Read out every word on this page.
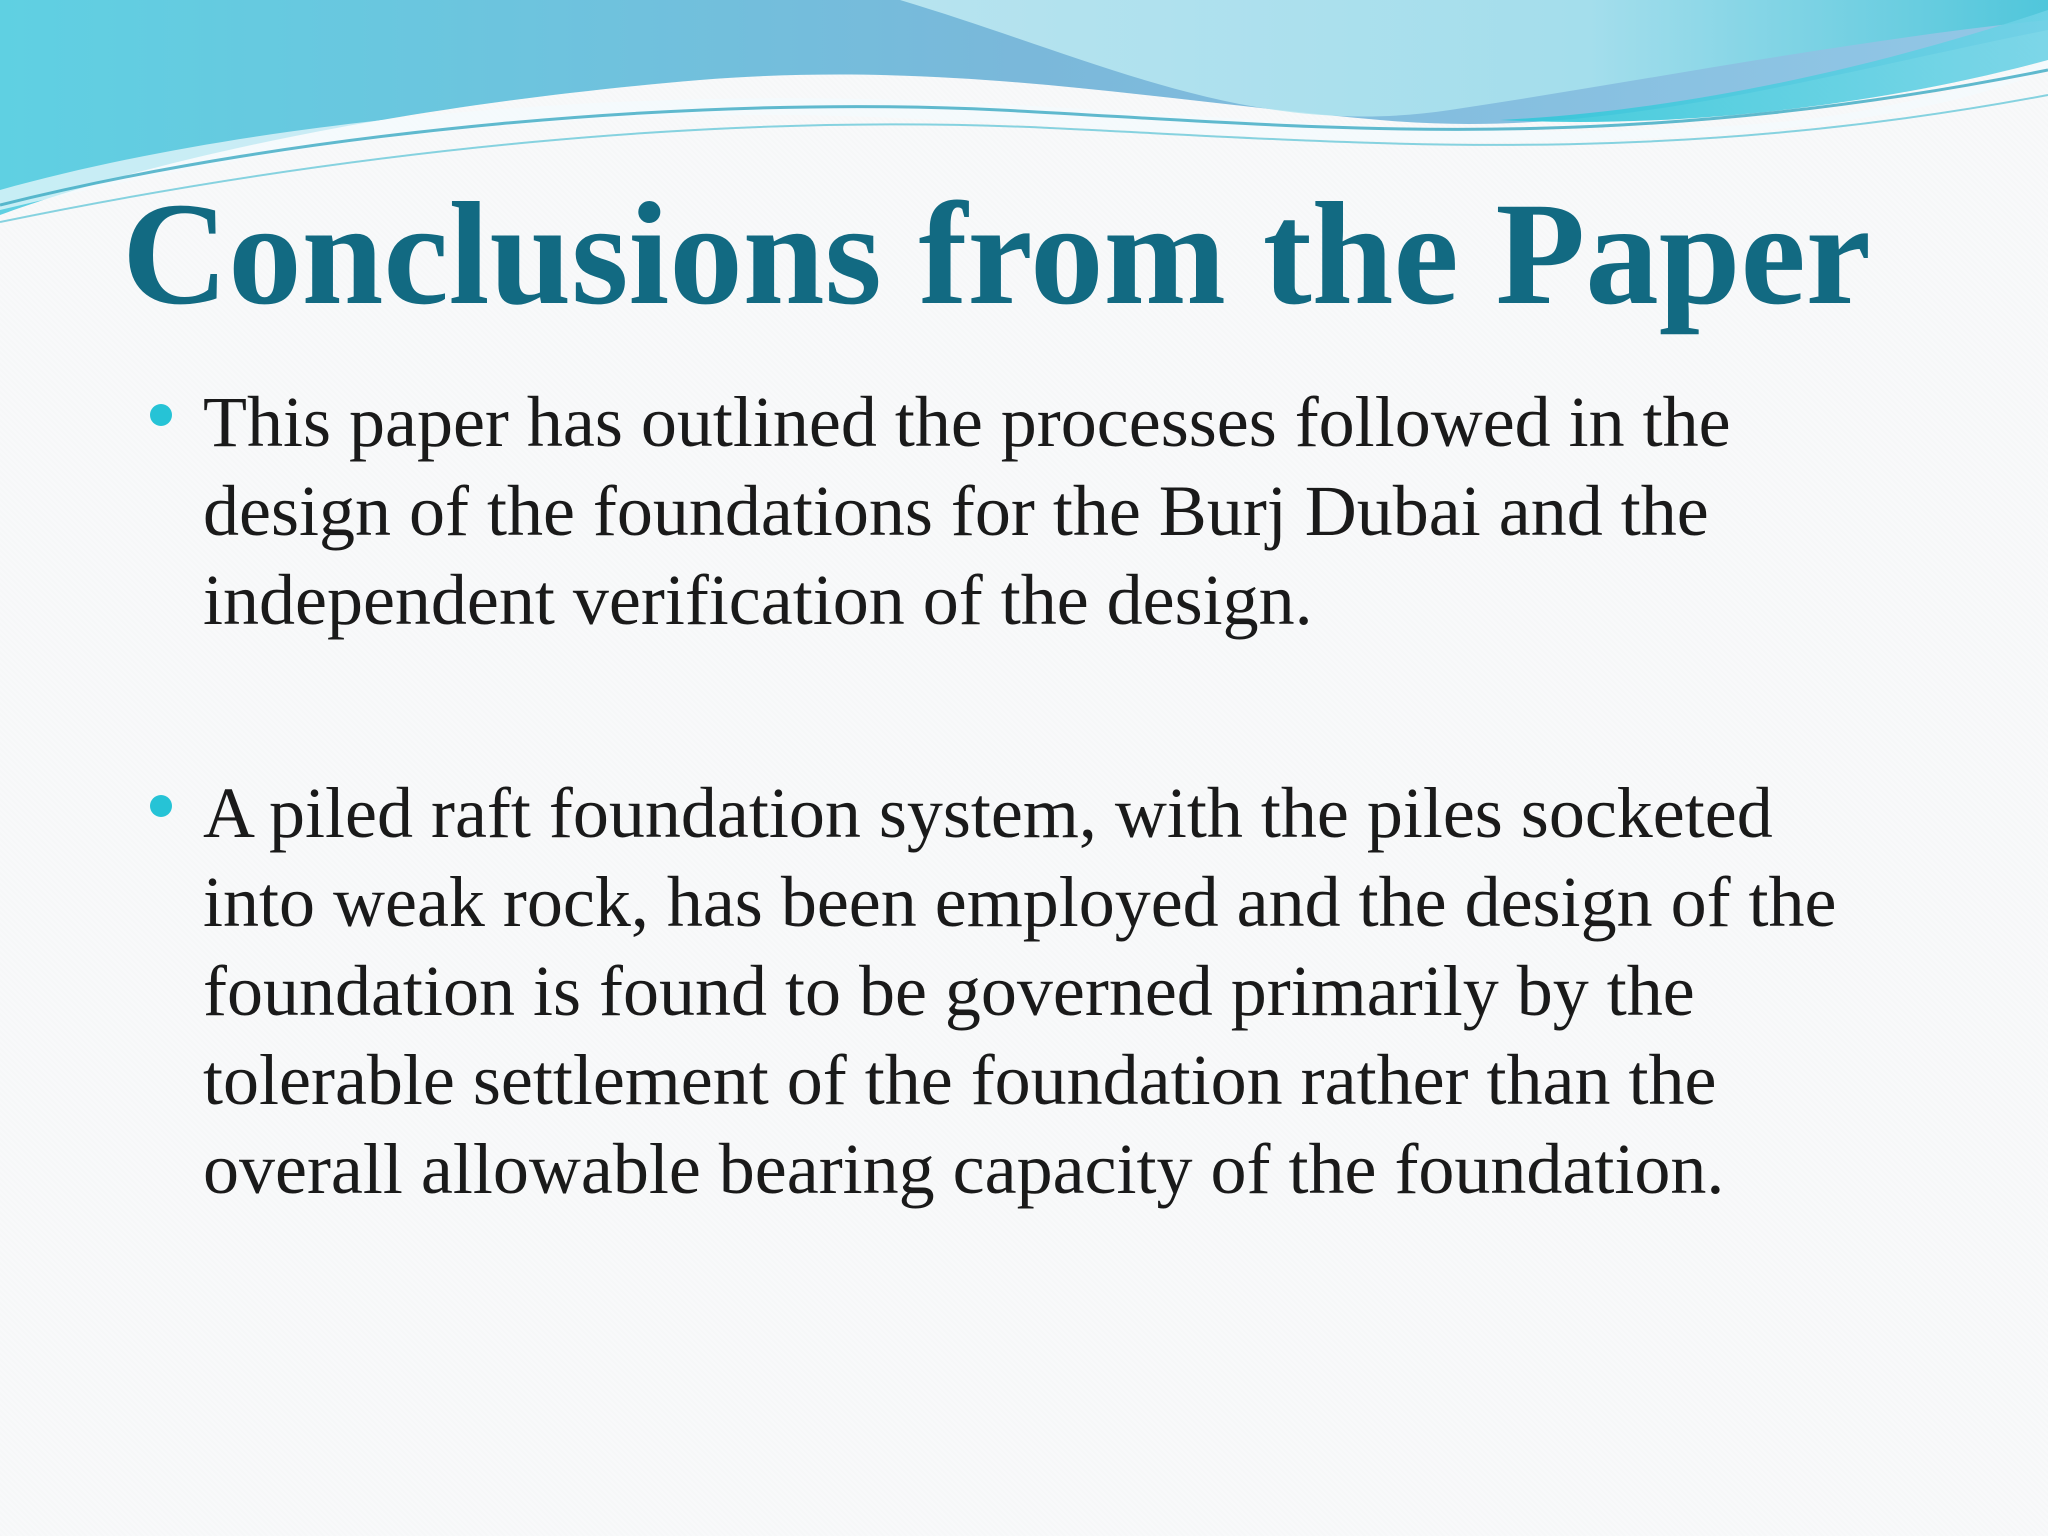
Conclusions from the Paper

This paper has outlined the processes followed in the
design of the foundations for the Burj Dubai and the
independent verification of the design.

A piled raft foundation system, with the piles socketed
into weak rock, has been employed and the design of the
foundation is found to be governed primarily by the
tolerable settlement of the foundation rather than the
overall allowable bearing capacity of the foundation.
